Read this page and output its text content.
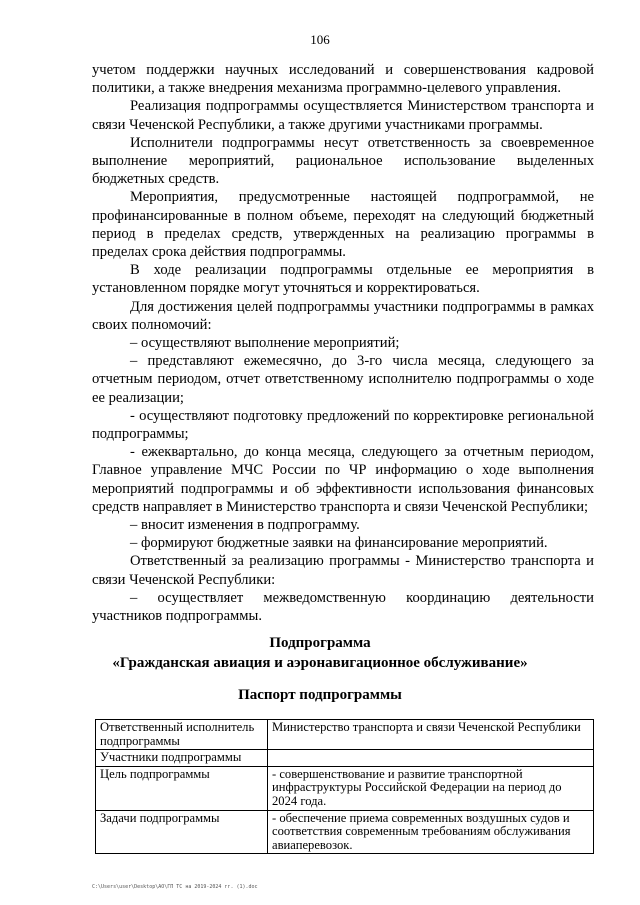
106

учетом поддержки научных исследований и совершенствования кадровой политики, а также внедрения механизма программно-целевого управления.

Реализация подпрограммы осуществляется Министерством транспорта и связи Чеченской Республики, а также другими участниками программы.

Исполнители подпрограммы несут ответственность за своевременное выполнение мероприятий, рациональное использование выделенных бюджетных средств.

Мероприятия, предусмотренные настоящей подпрограммой, не профинансированные в полном объеме, переходят на следующий бюджетный период в пределах средств, утвержденных на реализацию программы в пределах срока действия подпрограммы.

В ходе реализации подпрограммы отдельные ее мероприятия в установленном порядке могут уточняться и корректироваться.

Для достижения целей подпрограммы участники подпрограммы в рамках своих полномочий:

– осуществляют выполнение мероприятий;

– представляют ежемесячно, до 3-го числа месяца, следующего за отчетным периодом, отчет ответственному исполнителю подпрограммы о ходе ее реализации;

- осуществляют подготовку предложений по корректировке региональной подпрограммы;

- ежеквартально, до конца месяца, следующего за отчетным периодом, Главное управление МЧС России по ЧР информацию о ходе выполнения мероприятий подпрограммы и об эффективности использования финансовых средств направляет в Министерство транспорта и связи Чеченской Республики;

– вносит изменения в подпрограмму.

– формируют бюджетные заявки на финансирование мероприятий.

Ответственный за реализацию программы - Министерство транспорта и связи Чеченской Республики:

– осуществляет межведомственную координацию деятельности участников подпрограммы.

Подпрограмма
«Гражданская авиация и аэронавигационное обслуживание»
Паспорт подпрограммы
Ответственный исполнитель подпрограммы	Министерство транспорта и связи Чеченской Республики
Участники подпрограммы	
Цель подпрограммы	- совершенствование и развитие транспортной инфраструктуры Российской Федерации на период до 2024 года.
Задачи подпрограммы	- обеспечение приема современных воздушных судов и соответствия современным требованиям обслуживания авиаперевозок.
С:\Users\user\Desktop\АО\ГП ТС на 2019-2024 гг. (1).doc
